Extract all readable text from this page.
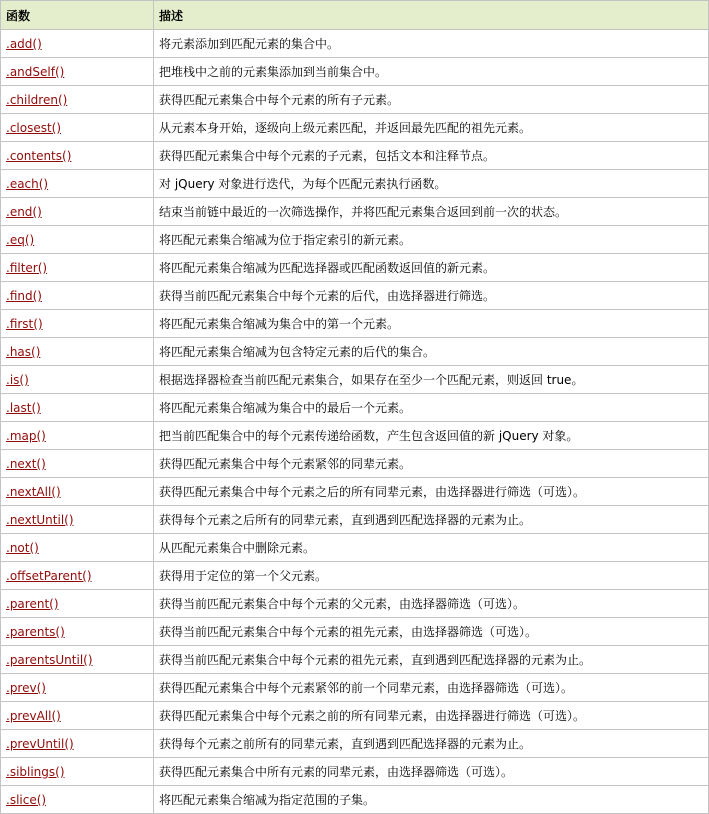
函数	描述
.add()	将元素添加到匹配元素的集合中。
.andSelf()	把堆栈中之前的元素集添加到当前集合中。
.children()	获得匹配元素集合中每个元素的所有子元素。
.closest()	从元素本身开始，逐级向上级元素匹配，并返回最先匹配的祖先元素。
.contents()	获得匹配元素集合中每个元素的子元素，包括文本和注释节点。
.each()	对 jQuery 对象进行迭代，为每个匹配元素执行函数。
.end()	结束当前链中最近的一次筛选操作，并将匹配元素集合返回到前一次的状态。
.eq()	将匹配元素集合缩减为位于指定索引的新元素。
.filter()	将匹配元素集合缩减为匹配选择器或匹配函数返回值的新元素。
.find()	获得当前匹配元素集合中每个元素的后代，由选择器进行筛选。
.first()	将匹配元素集合缩减为集合中的第一个元素。
.has()	将匹配元素集合缩减为包含特定元素的后代的集合。
.is()	根据选择器检查当前匹配元素集合，如果存在至少一个匹配元素，则返回 true。
.last()	将匹配元素集合缩减为集合中的最后一个元素。
.map()	把当前匹配集合中的每个元素传递给函数，产生包含返回值的新 jQuery 对象。
.next()	获得匹配元素集合中每个元素紧邻的同辈元素。
.nextAll()	获得匹配元素集合中每个元素之后的所有同辈元素，由选择器进行筛选（可选）。
.nextUntil()	获得每个元素之后所有的同辈元素，直到遇到匹配选择器的元素为止。
.not()	从匹配元素集合中删除元素。
.offsetParent()	获得用于定位的第一个父元素。
.parent()	获得当前匹配元素集合中每个元素的父元素，由选择器筛选（可选）。
.parents()	获得当前匹配元素集合中每个元素的祖先元素，由选择器筛选（可选）。
.parentsUntil()	获得当前匹配元素集合中每个元素的祖先元素，直到遇到匹配选择器的元素为止。
.prev()	获得匹配元素集合中每个元素紧邻的前一个同辈元素，由选择器筛选（可选）。
.prevAll()	获得匹配元素集合中每个元素之前的所有同辈元素，由选择器进行筛选（可选）。
.prevUntil()	获得每个元素之前所有的同辈元素，直到遇到匹配选择器的元素为止。
.siblings()	获得匹配元素集合中所有元素的同辈元素，由选择器筛选（可选）。
.slice()	将匹配元素集合缩减为指定范围的子集。
